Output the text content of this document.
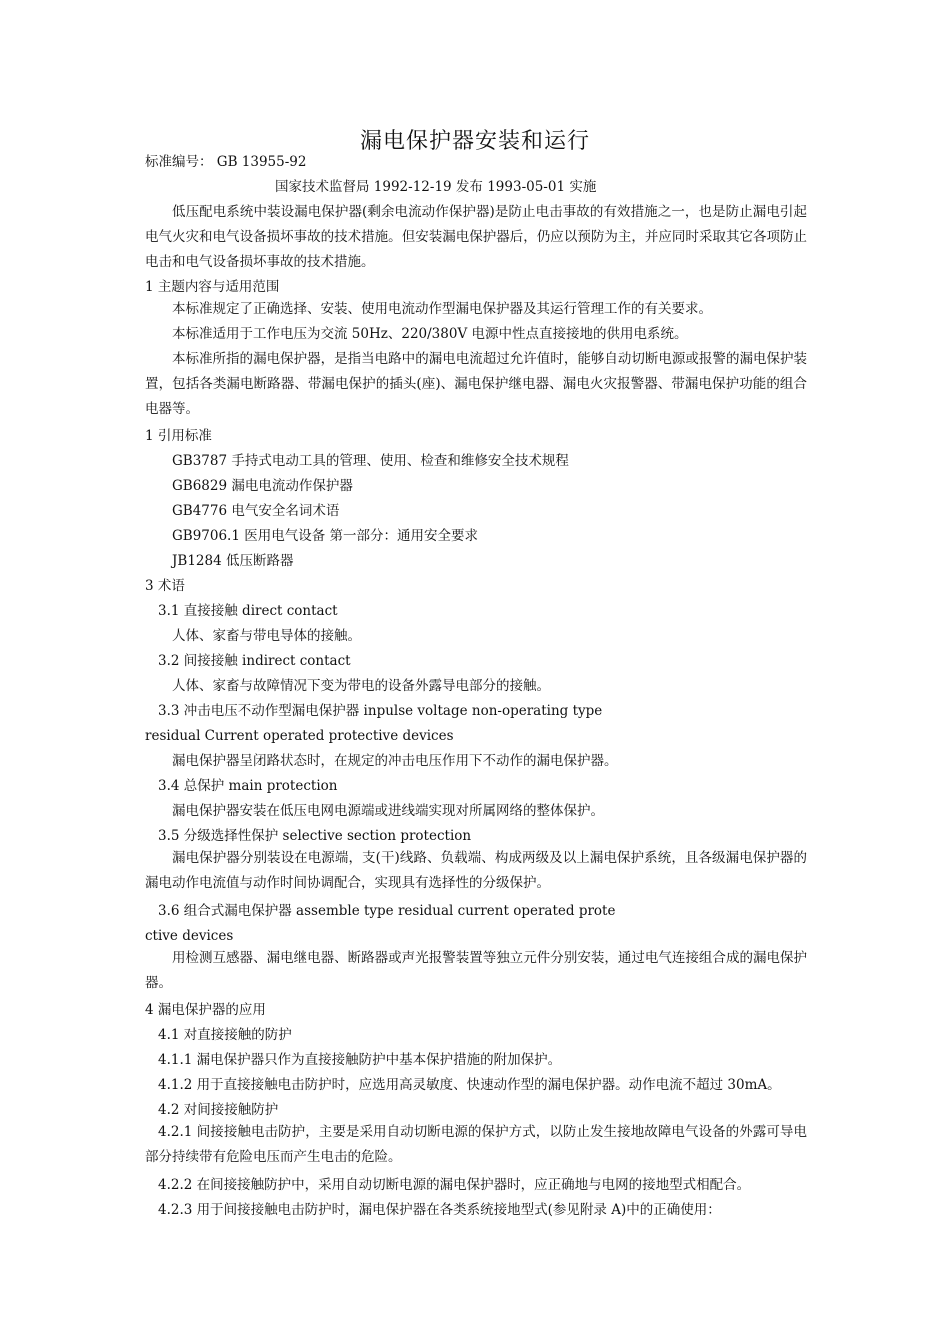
漏电保护器安装和运行
标准编号： GB 13955-92
国家技术监督局 1992-12-19 发布 1993-05-01 实施
低压配电系统中装设漏电保护器(剩余电流动作保护器)是防止电击事故的有效措施之一，也是防止漏电引起电气火灾和电气设备损坏事故的技术措施。但安装漏电保护器后，仍应以预防为主，并应同时采取其它各项防止电击和电气设备损坏事故的技术措施。
1 主题内容与适用范围
本标准规定了正确选择、安装、使用电流动作型漏电保护器及其运行管理工作的有关要求。
本标准适用于工作电压为交流 50Hz、220/380V 电源中性点直接接地的供用电系统。
本标准所指的漏电保护器，是指当电路中的漏电电流超过允许值时，能够自动切断电源或报警的漏电保护装置，包括各类漏电断路器、带漏电保护的插头(座)、漏电保护继电器、漏电火灾报警器、带漏电保护功能的组合电器等。
1 引用标准
GB3787 手持式电动工具的管理、使用、检查和维修安全技术规程
GB6829 漏电电流动作保护器
GB4776 电气安全名词术语
GB9706.1 医用电气设备 第一部分：通用安全要求
JB1284 低压断路器
3 术语
3.1 直接接触 direct contact
人体、家畜与带电导体的接触。
3.2 间接接触 indirect contact
人体、家畜与故障情况下变为带电的设备外露导电部分的接触。
3.3 冲击电压不动作型漏电保护器 inpulse voltage non-operating type
residual Current operated protective devices
漏电保护器呈闭路状态时，在规定的冲击电压作用下不动作的漏电保护器。
3.4 总保护 main protection
漏电保护器安装在低压电网电源端或进线端实现对所属网络的整体保护。
3.5 分级选择性保护 selective section protection
漏电保护器分别装设在电源端，支(干)线路、负载端、构成两级及以上漏电保护系统，且各级漏电保护器的漏电动作电流值与动作时间协调配合，实现具有选择性的分级保护。
3.6 组合式漏电保护器 assemble type residual current operated prote
ctive devices
用检测互感器、漏电继电器、断路器或声光报警装置等独立元件分别安装，通过电气连接组合成的漏电保护器。
4 漏电保护器的应用
4.1 对直接接触的防护
4.1.1 漏电保护器只作为直接接触防护中基本保护措施的附加保护。
4.1.2 用于直接接触电击防护时，应选用高灵敏度、快速动作型的漏电保护器。动作电流不超过 30mA。
4.2 对间接接触防护
4.2.1 间接接触电击防护，主要是采用自动切断电源的保护方式，以防止发生接地故障电气设备的外露可导电部分持续带有危险电压而产生电击的危险。
4.2.2 在间接接触防护中，采用自动切断电源的漏电保护器时，应正确地与电网的接地型式相配合。
4.2.3 用于间接接触电击防护时，漏电保护器在各类系统接地型式(参见附录 A)中的正确使用：
